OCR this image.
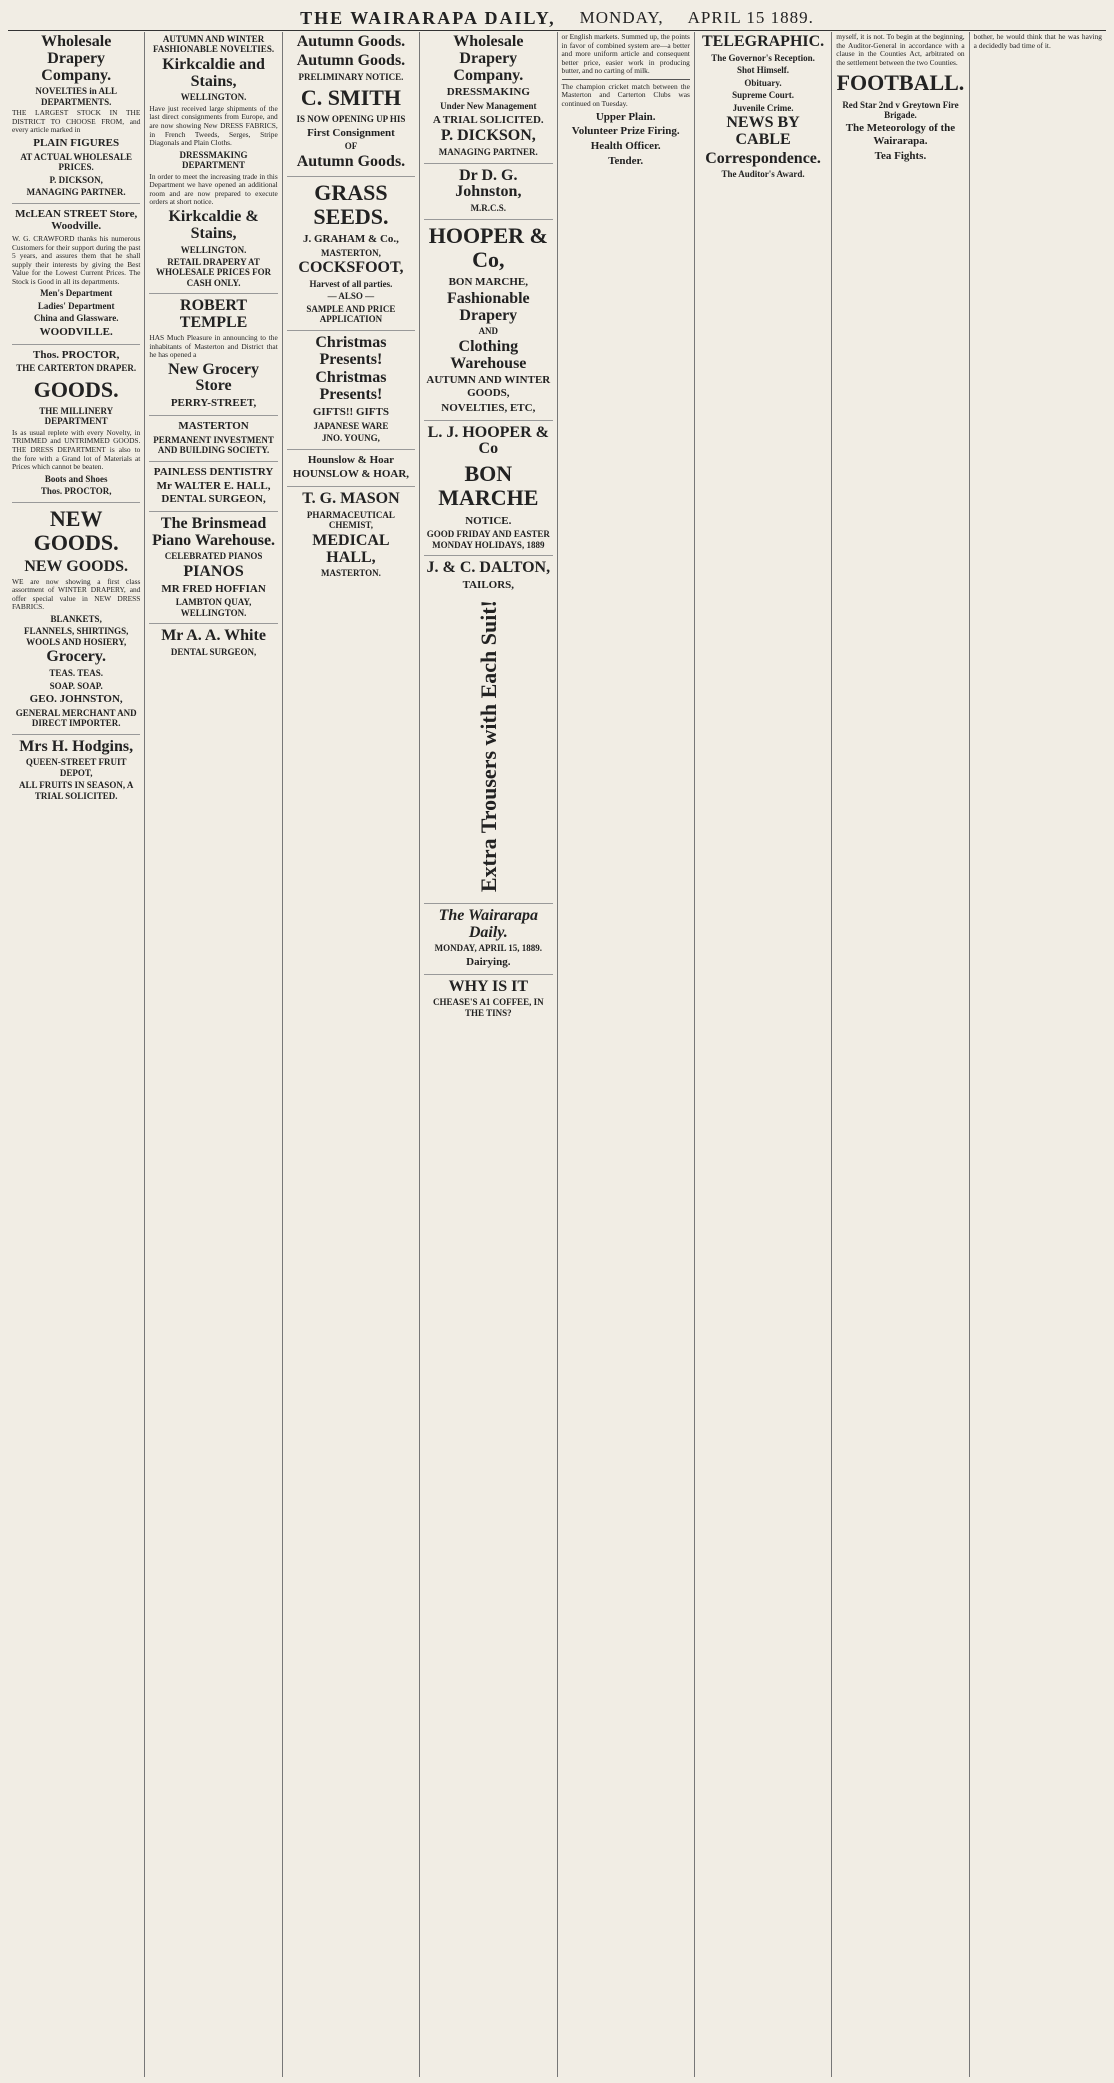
THE WAIRARAPA DAILY, MONDAY, APRIL 15 1889.
Wholesale Drapery Company.

NOVELTIES in ALL DEPARTMENTS.

THE LARGEST STOCK IN THE DISTRICT TO CHOOSE FROM, and every article marked in

PLAIN FIGURES

AT ACTUAL WHOLESALE PRICES.

P. DICKSON,

MANAGING PARTNER.

McLEAN STREET Store, Woodville.

W. G. CRAWFORD thanks his numerous Customers for their support during the past 5 years, and assures them that he shall supply their interests by giving the Best Value for the Lowest Current Prices. The Stock is Good in all its departments.

Men's Department

Ladies' Department

China and Glassware.

WOODVILLE.

Thos. PROCTOR,

THE CARTERTON DRAPER.

GOODS.

THE MILLINERY DEPARTMENT

Is as usual replete with every Novelty, in TRIMMED and UNTRIMMED GOODS. THE DRESS DEPARTMENT is also to the fore with a Grand lot of Materials at Prices which cannot be beaten.

Boots and Shoes

Thos. PROCTOR,

NEW GOODS.
NEW GOODS.

WE are now showing a first class assortment of WINTER DRAPERY, and offer special value in NEW DRESS FABRICS.

BLANKETS,

FLANNELS, SHIRTINGS, WOOLS AND HOSIERY,

Grocery.

TEAS. TEAS.

SOAP. SOAP.

GEO. JOHNSTON,

GENERAL MERCHANT AND DIRECT IMPORTER.

Mrs H. Hodgins,

QUEEN-STREET FRUIT DEPOT,

ALL FRUITS IN SEASON, A TRIAL SOLICITED.

AUTUMN AND WINTER FASHIONABLE NOVELTIES.

Kirkcaldie and Stains,

WELLINGTON.

Have just received large shipments of the last direct consignments from Europe, and are now showing New DRESS FABRICS, in French Tweeds, Serges, Stripe Diagonals and Plain Cloths.

DRESSMAKING DEPARTMENT

In order to meet the increasing trade in this Department we have opened an additional room and are now prepared to execute orders at short notice.

Kirkcaldie & Stains,

WELLINGTON.

RETAIL DRAPERY AT WHOLESALE PRICES FOR CASH ONLY.

ROBERT TEMPLE

HAS Much Pleasure in announcing to the inhabitants of Masterton and District that he has opened a

New Grocery Store

PERRY-STREET,

MASTERTON

PERMANENT INVESTMENT AND BUILDING SOCIETY.

PAINLESS DENTISTRY

Mr WALTER E. HALL, DENTAL SURGEON,

The Brinsmead Piano Warehouse.

CELEBRATED PIANOS

PIANOS

MR FRED HOFFIAN

LAMBTON QUAY, WELLINGTON.

Mr A. A. White

DENTAL SURGEON,

Autumn Goods.
Autumn Goods.

PRELIMINARY NOTICE.

C. SMITH

IS NOW OPENING UP HIS

First Consignment

OF

Autumn Goods.

GRASS SEEDS.

J. GRAHAM & Co.,

MASTERTON,

COCKSFOOT,

Harvest of all parties.

— ALSO —

SAMPLE AND PRICE APPLICATION

Christmas Presents!
Christmas Presents!

GIFTS!! GIFTS

JAPANESE WARE

JNO. YOUNG,

Hounslow & Hoar

HOUNSLOW & HOAR,

T. G. MASON

PHARMACEUTICAL CHEMIST,

MEDICAL HALL,

MASTERTON.

Wholesale Drapery Company.

DRESSMAKING

Under New Management

A TRIAL SOLICITED.

P. DICKSON,

MANAGING PARTNER.

Dr D. G. Johnston,

M.R.C.S.

HOOPER & Co,

BON MARCHE,

Fashionable Drapery

AND

Clothing Warehouse

AUTUMN AND WINTER GOODS,

NOVELTIES, ETC,

L. J. HOOPER & Co
BON MARCHE

NOTICE.

GOOD FRIDAY AND EASTER MONDAY HOLIDAYS, 1889

J. & C. DALTON,

TAILORS,

Extra Trousers with Each Suit!
The Wairarapa Daily.

MONDAY, APRIL 15, 1889.

Dairying.

WHY IS IT

CHEASE'S A1 COFFEE, IN THE TINS?

or English markets. Summed up, the points in favor of combined system are—a better and more uniform article and consequent better price, easier work in producing butter, and no carting of milk.

The champion cricket match between the Masterton and Carterton Clubs was continued on Tuesday.

Upper Plain.

Volunteer Prize Firing.

Health Officer.

Tender.

TELEGRAPHIC.

The Governor's Reception.

Shot Himself.

Obituary.

Supreme Court.

Juvenile Crime.

NEWS BY CABLE

Correspondence.

The Auditor's Award.

myself, it is not. To begin at the beginning, the Auditor-General in accordance with a clause in the Counties Act, arbitrated on the settlement between the two Counties.

FOOTBALL.

Red Star 2nd v Greytown Fire Brigade.

The Meteorology of the Wairarapa.

Tea Fights.

bother, he would think that he was having a decidedly bad time of it.
